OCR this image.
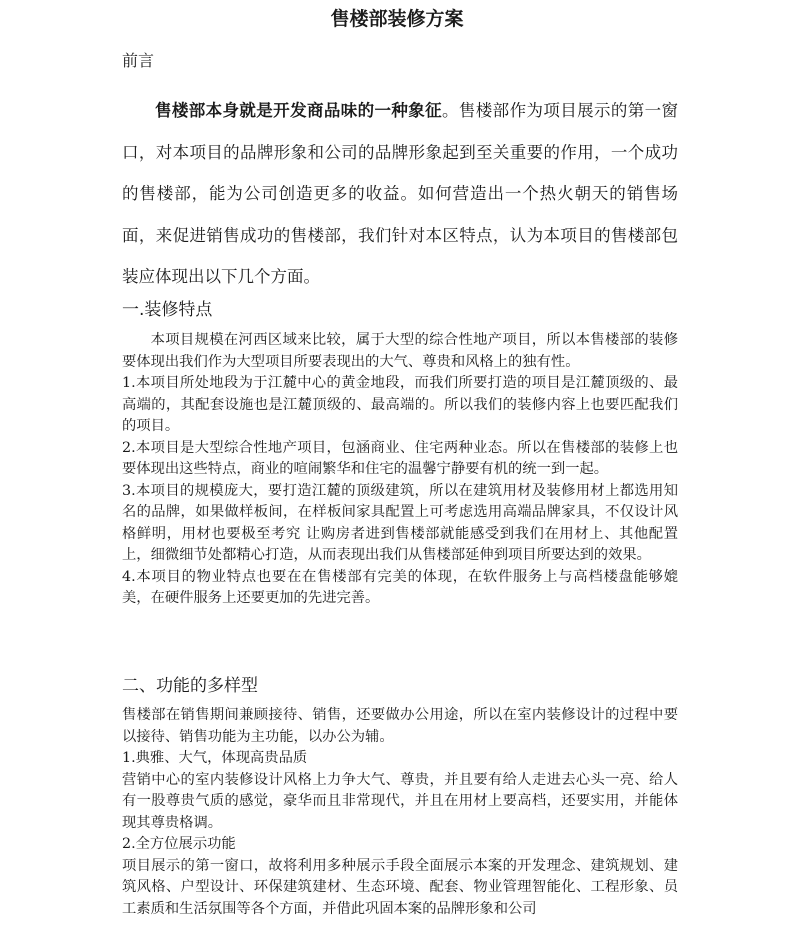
售楼部装修方案
前言
售楼部本身就是开发商品味的一种象征。售楼部作为项目展示的第一窗口，对本项目的品牌形象和公司的品牌形象起到至关重要的作用，一个成功的售楼部，能为公司创造更多的收益。如何营造出一个热火朝天的销售场面，来促进销售成功的售楼部，我们针对本区特点，认为本项目的售楼部包装应体现出以下几个方面。
一.装修特点

本项目规模在河西区域来比较，属于大型的综合性地产项目，所以本售楼部的装修要体现出我们作为大型项目所要表现出的大气、尊贵和风格上的独有性。

1.本项目所处地段为于江麓中心的黄金地段，而我们所要打造的项目是江麓顶级的、最高端的，其配套设施也是江麓顶级的、最高端的。所以我们的装修内容上也要匹配我们的项目。

2.本项目是大型综合性地产项目，包涵商业、住宅两种业态。所以在售楼部的装修上也要体现出这些特点，商业的喧闹繁华和住宅的温馨宁静要有机的统一到一起。

3.本项目的规模庞大，要打造江麓的顶级建筑，所以在建筑用材及装修用材上都选用知名的品牌，如果做样板间，在样板间家具配置上可考虑选用高端品牌家具，不仅设计风格鲜明，用材也要极至考究 让购房者进到售楼部就能感受到我们在用材上、其他配置上，细微细节处都精心打造，从而表现出我们从售楼部延伸到项目所要达到的效果。

4.本项目的物业特点也要在在售楼部有完美的体现，在软件服务上与高档楼盘能够媲美，在硬件服务上还要更加的先进完善。

二、功能的多样型

售楼部在销售期间兼顾接待、销售，还要做办公用途，所以在室内装修设计的过程中要以接待、销售功能为主功能，以办公为辅。

1.典雅、大气，体现高贵品质

营销中心的室内装修设计风格上力争大气、尊贵，并且要有给人走进去心头一亮、给人有一股尊贵气质的感觉，豪华而且非常现代，并且在用材上要高档，还要实用，并能体现其尊贵格调。

2.全方位展示功能

项目展示的第一窗口，故将利用多种展示手段全面展示本案的开发理念、建筑规划、建筑风格、户型设计、环保建筑建材、生态环境、配套、物业管理智能化、工程形象、员工素质和生活氛围等各个方面，并借此巩固本案的品牌形象和公司
